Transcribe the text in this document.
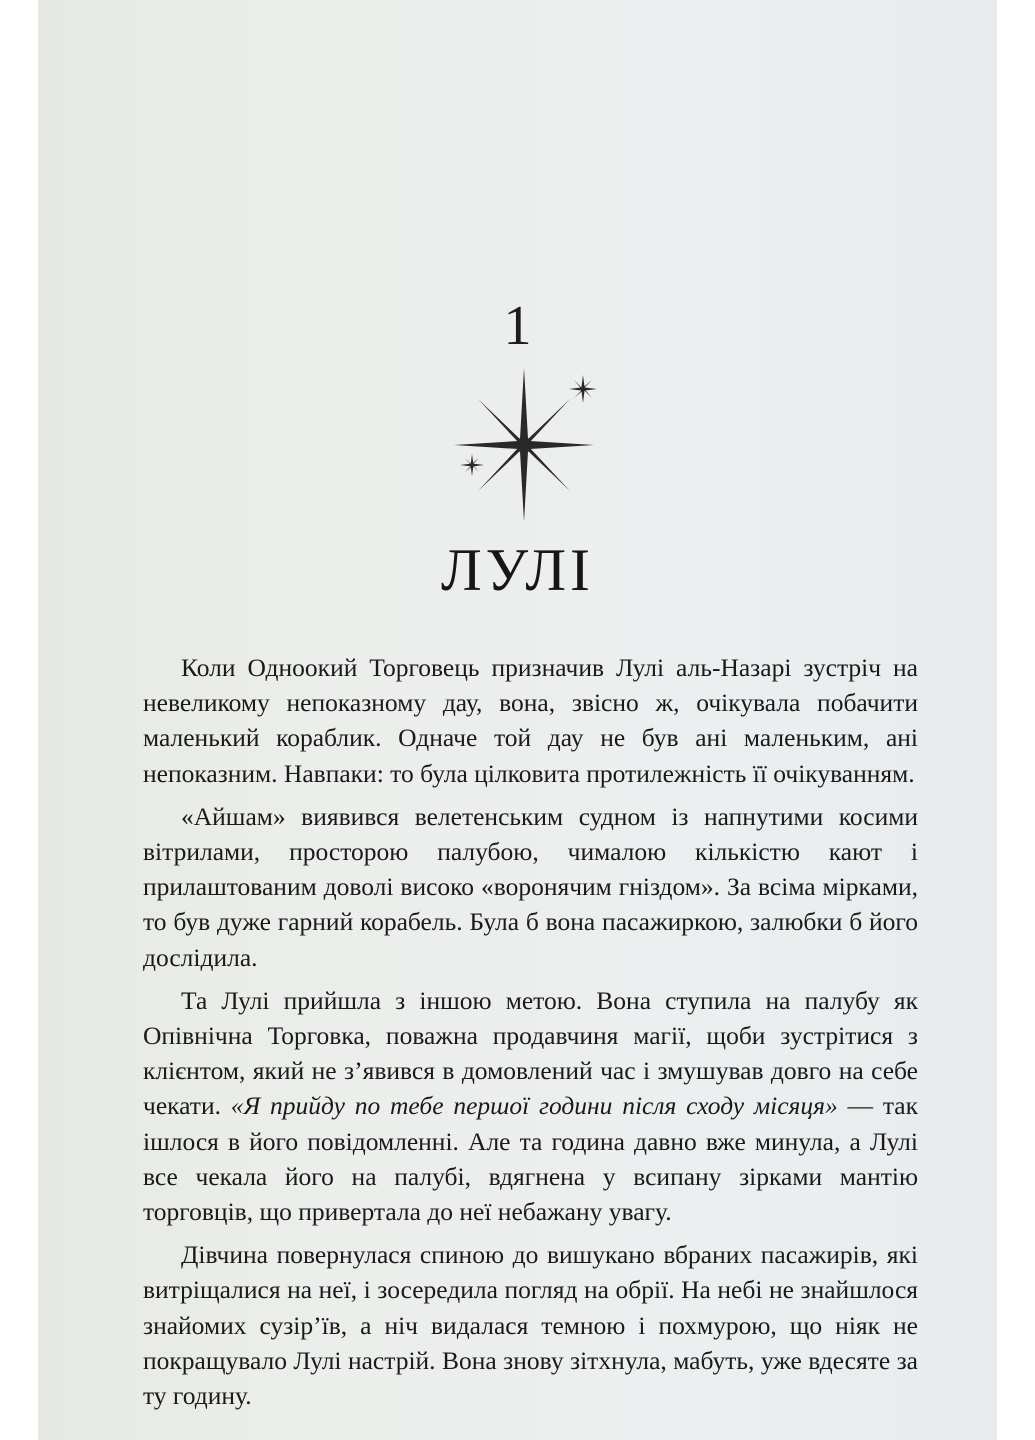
1
ЛУЛІ

Коли Одноокий Торговець призначив Лулі аль-Назарі зустріч на невеликому непоказному дау, вона, звісно ж, очікувала побачити маленький кораблик. Одначе той дау не був ані маленьким, ані непоказним. Навпаки: то була цілковита протилежність її очікуванням.

«Айшам» виявився велетенським судном із напнутими косими вітрилами, просторою палубою, чималою кількістю кают і прилаштованим доволі високо «воронячим гніздом». За всіма мірками, то був дуже гарний корабель. Була б вона пасажиркою, залюбки б його дослідила.

Та Лулі прийшла з іншою метою. Вона ступила на палубу як Опівнічна Торговка, поважна продавчиня магії, щоби зустрітися з клієнтом, який не з’явився в домовлений час і змушував довго на себе чекати. «Я прийду по тебе першої години після сходу місяця» — так ішлося в його повідомленні. Але та година давно вже минула, а Лулі все чекала його на палубі, вдягнена у всипану зірками мантію торговців, що привертала до неї небажану увагу.

Дівчина повернулася спиною до вишукано вбраних пасажирів, які витріщалися на неї, і зосередила погляд на обрії. На небі не знайшлося знайомих сузір’їв, а ніч видалася темною і похмурою, що ніяк не покращувало Лулі настрій. Вона знову зітхнула, мабуть, уже вдесяте за ту годину.
